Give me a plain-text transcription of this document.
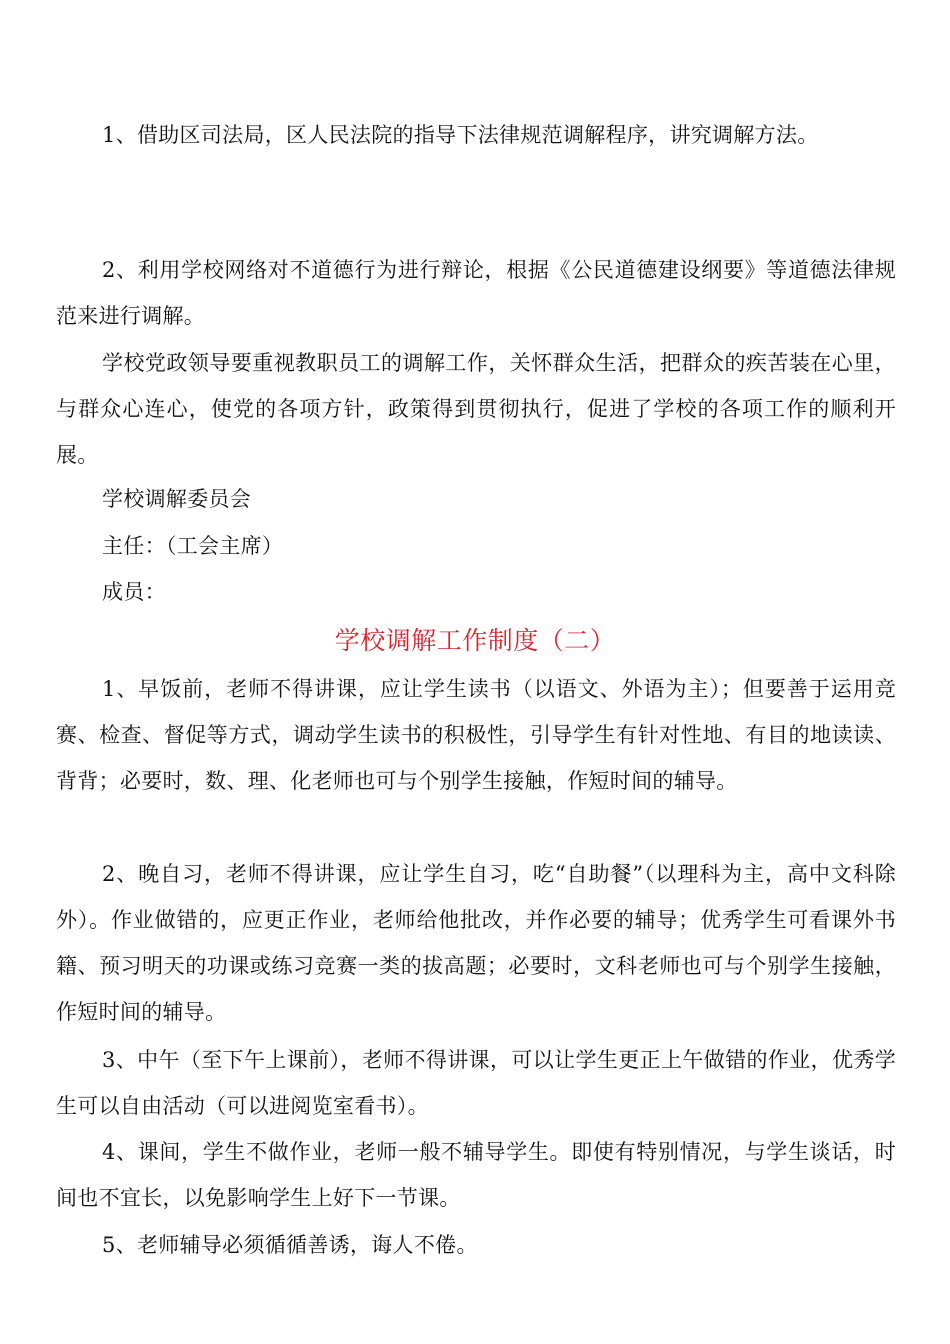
1、借助区司法局，区人民法院的指导下法律规范调解程序，讲究调解方法。

2、利用学校网络对不道德行为进行辩论，根据《公民道德建设纲要》等道德法律规范来进行调解。

学校党政领导要重视教职员工的调解工作，关怀群众生活，把群众的疾苦装在心里，与群众心连心，使党的各项方针，政策得到贯彻执行，促进了学校的各项工作的顺利开展。

学校调解委员会

主任：（工会主席）

成员：

学校调解工作制度（二）

1、早饭前，老师不得讲课，应让学生读书（以语文、外语为主）；但要善于运用竞赛、检查、督促等方式，调动学生读书的积极性，引导学生有针对性地、有目的地读读、背背；必要时，数、理、化老师也可与个别学生接触，作短时间的辅导。

2、晚自习，老师不得讲课，应让学生自习，吃“自助餐”（以理科为主，高中文科除外）。作业做错的，应更正作业，老师给他批改，并作必要的辅导；优秀学生可看课外书籍、预习明天的功课或练习竞赛一类的拔高题；必要时，文科老师也可与个别学生接触，作短时间的辅导。

3、中午（至下午上课前），老师不得讲课，可以让学生更正上午做错的作业，优秀学生可以自由活动（可以进阅览室看书）。

4、课间，学生不做作业，老师一般不辅导学生。即使有特别情况，与学生谈话，时间也不宜长，以免影响学生上好下一节课。

5、老师辅导必须循循善诱，诲人不倦。
